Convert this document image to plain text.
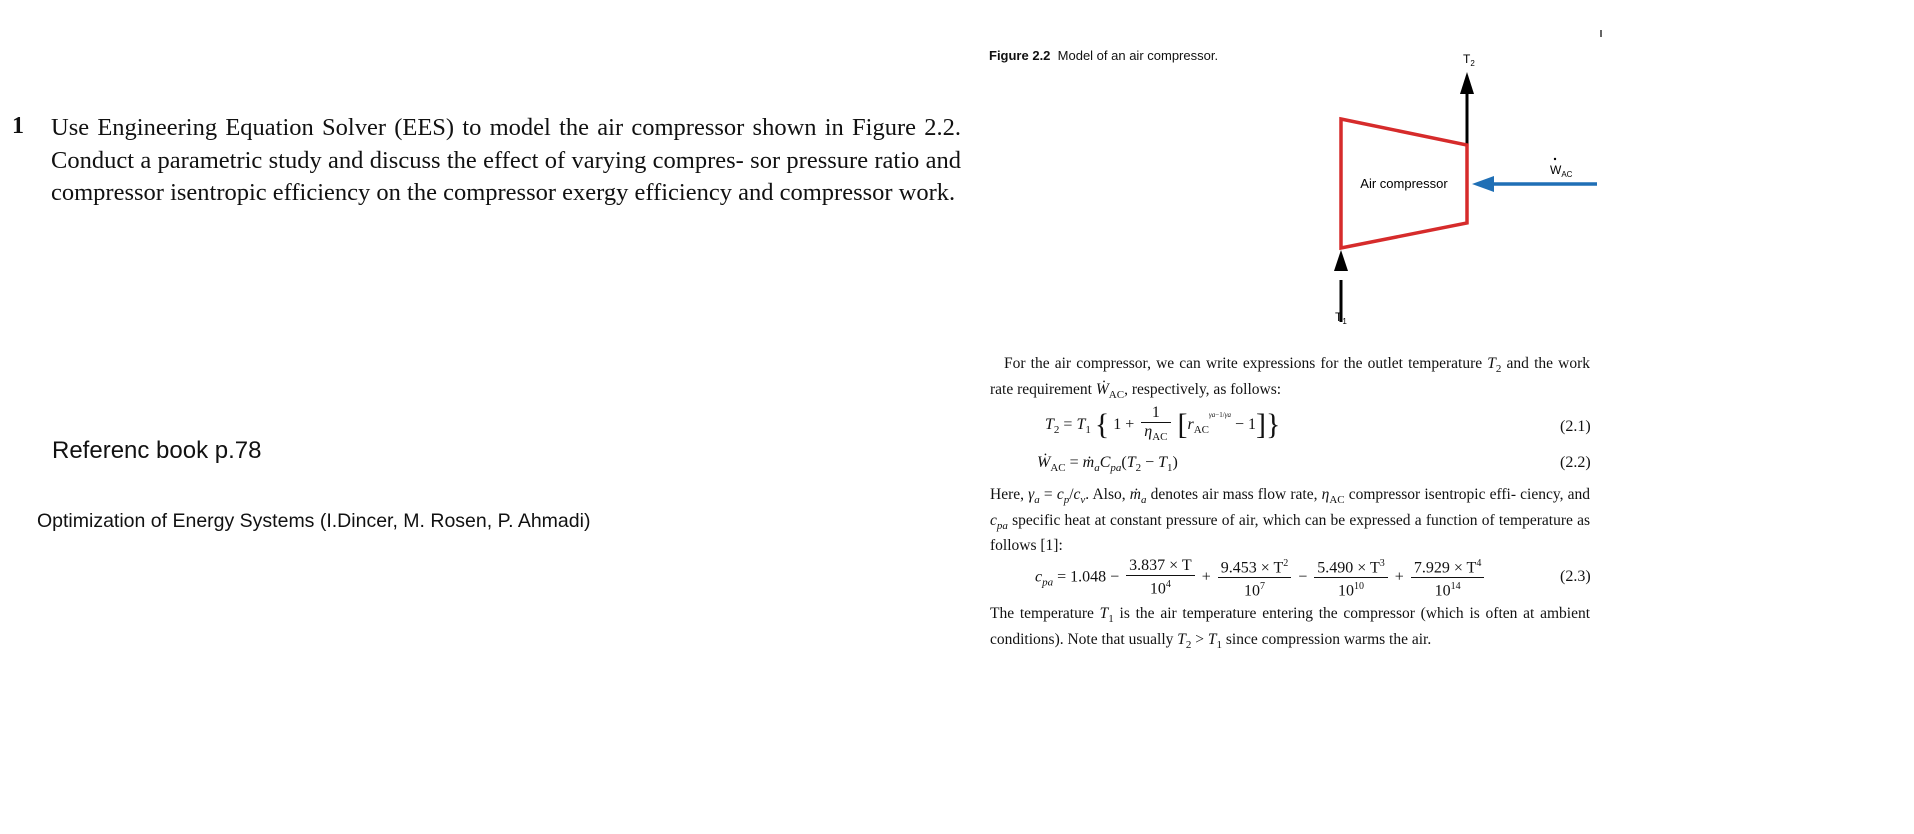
1 Use Engineering Equation Solver (EES) to model the air compressor shown in Figure 2.2. Conduct a parametric study and discuss the effect of varying compres- sor pressure ratio and compressor isentropic efficiency on the compressor exergy efficiency and compressor work.
Referenc book p.78
Optimization of Energy Systems (I.Dincer, M. Rosen, P. Ahmadi)
Figure 2.2 Model of an air compressor.
Air compressor
$T_2$
$T_1$
$W_{AC}$
For the air compressor, we can write expressions for the outlet temperature $T_2$ and the work rate requirement Ẇ$_{AC}$, respectively, as follows:
$T_2 = T_1$ { $1 + \frac{1}{\eta_{AC}} [r_{AC}^{\gamma a-1/\gamma a} - 1]$}	(2.1)
Ẇ$_{AC}$ = $ṁ_aC_{pa}(T_2 - T_1)$	(2.2)
Here, $\gamma_a = c_p/c_v$. Also, ṁ$_a$ denotes air mass flow rate, $\eta_{AC}$ compressor isentropic effi- ciency, and $c_{pa}$ specific heat at constant pressure of air, which can be expressed a function of temperature as follows [1]:
$c_{pa} = 1.048 - \frac{3.837 \times T}{10^4} + \frac{9.453 \times T^2}{10^7} - \frac{5.490 \times T^3}{10^{10}} + \frac{7.929 \times T^4}{10^{14}}$	(2.3)
The temperature $T_1$ is the air temperature entering the compressor (which is often at ambient conditions). Note that usually $T_2 > T_1$ since compression warms the air.
